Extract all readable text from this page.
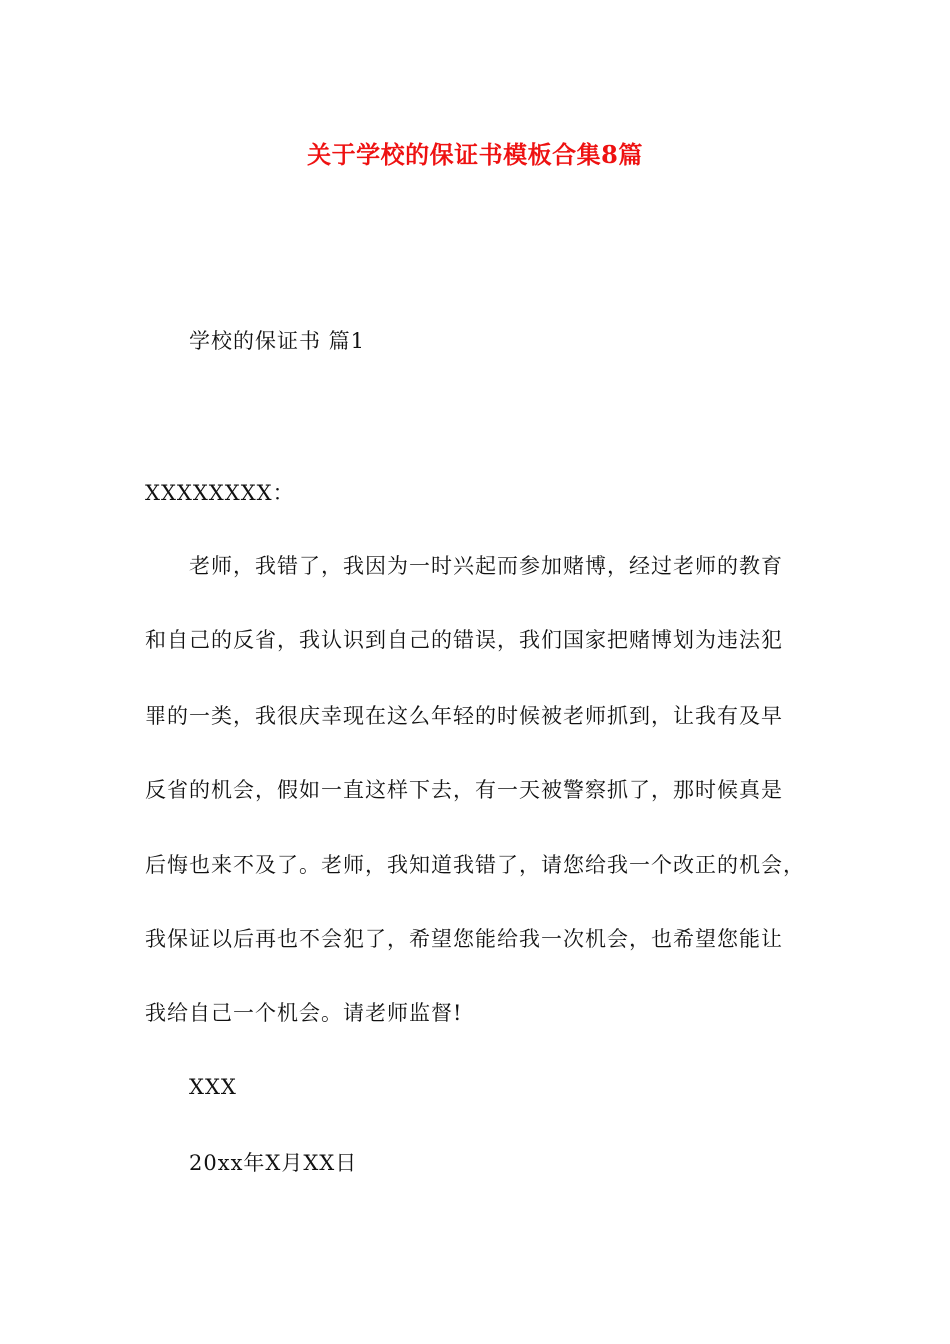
关于学校的保证书模板合集8篇

学校的保证书 篇1

XXXXXXXX：

老师，我错了，我因为一时兴起而参加赌博，经过老师的教育

和自己的反省，我认识到自己的错误，我们国家把赌博划为违法犯

罪的一类，我很庆幸现在这么年轻的时候被老师抓到，让我有及早

反省的机会，假如一直这样下去，有一天被警察抓了，那时候真是

后悔也来不及了。老师，我知道我错了，请您给我一个改正的机会，

我保证以后再也不会犯了，希望您能给我一次机会，也希望您能让

我给自己一个机会。请老师监督!

XXX

20xx年X月XX日
